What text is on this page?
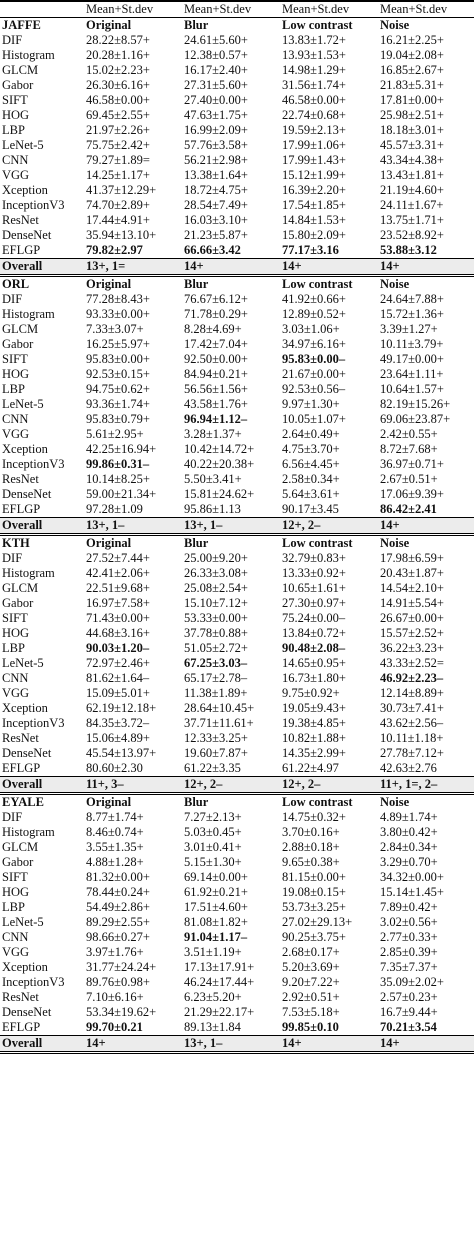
	Mean+St.dev	Mean+St.dev	Mean+St.dev	Mean+St.dev
JAFFE	Original	Blur	Low contrast	Noise
DIF	28.22±8.57+	24.61±5.60+	13.83±1.72+	16.21±2.25+
Histogram	20.28±1.16+	12.38±0.57+	13.93±1.53+	19.04±2.08+
GLCM	15.02±2.23+	16.17±2.40+	14.98±1.29+	16.85±2.67+
Gabor	26.30±6.16+	27.31±5.60+	31.56±1.74+	21.83±5.31+
SIFT	46.58±0.00+	27.40±0.00+	46.58±0.00+	17.81±0.00+
HOG	69.45±2.55+	47.63±1.75+	22.74±0.68+	25.98±2.51+
LBP	21.97±2.26+	16.99±2.09+	19.59±2.13+	18.18±3.01+
LeNet-5	75.75±2.42+	57.76±3.58+	17.99±1.06+	45.57±3.31+
CNN	79.27±1.89=	56.21±2.98+	17.99±1.43+	43.34±4.38+
VGG	14.25±1.17+	13.38±1.64+	15.12±1.99+	13.43±1.81+
Xception	41.37±12.29+	18.72±4.75+	16.39±2.20+	21.19±4.60+
InceptionV3	74.70±2.89+	28.54±7.49+	17.54±1.85+	24.11±1.67+
ResNet	17.44±4.91+	16.03±3.10+	14.84±1.53+	13.75±1.71+
DenseNet	35.94±13.10+	21.23±5.87+	15.80±2.09+	23.52±8.92+
EFLGP	79.82±2.97	66.66±3.42	77.17±3.16	53.88±3.12
Overall	13+, 1=	14+	14+	14+
ORL	Original	Blur	Low contrast	Noise
DIF	77.28±8.43+	76.67±6.12+	41.92±0.66+	24.64±7.88+
Histogram	93.33±0.00+	71.78±0.29+	12.89±0.52+	15.72±1.36+
GLCM	7.33±3.07+	8.28±4.69+	3.03±1.06+	3.39±1.27+
Gabor	16.25±5.97+	17.42±7.04+	34.97±6.16+	10.11±3.79+
SIFT	95.83±0.00+	92.50±0.00+	95.83±0.00–	49.17±0.00+
HOG	92.53±0.15+	84.94±0.21+	21.67±0.00+	23.64±1.11+
LBP	94.75±0.62+	56.56±1.56+	92.53±0.56–	10.64±1.57+
LeNet-5	93.36±1.74+	43.58±1.76+	9.97±1.30+	82.19±15.26+
CNN	95.83±0.79+	96.94±1.12–	10.05±1.07+	69.06±23.87+
VGG	5.61±2.95+	3.28±1.37+	2.64±0.49+	2.42±0.55+
Xception	42.25±16.94+	10.42±14.72+	4.75±3.70+	8.72±7.68+
InceptionV3	99.86±0.31–	40.22±20.38+	6.56±4.45+	36.97±0.71+
ResNet	10.14±8.25+	5.50±3.41+	2.58±0.34+	2.67±0.51+
DenseNet	59.00±21.34+	15.81±24.62+	5.64±3.61+	17.06±9.39+
EFLGP	97.28±1.09	95.86±1.13	90.17±3.45	86.42±2.41
Overall	13+, 1–	13+, 1–	12+, 2–	14+
KTH	Original	Blur	Low contrast	Noise
DIF	27.52±7.44+	25.00±9.20+	32.79±0.83+	17.98±6.59+
Histogram	42.41±2.06+	26.33±3.08+	13.33±0.92+	20.43±1.87+
GLCM	22.51±9.68+	25.08±2.54+	10.65±1.61+	14.54±2.10+
Gabor	16.97±7.58+	15.10±7.12+	27.30±0.97+	14.91±5.54+
SIFT	71.43±0.00+	53.33±0.00+	75.24±0.00–	26.67±0.00+
HOG	44.68±3.16+	37.78±0.88+	13.84±0.72+	15.57±2.52+
LBP	90.03±1.20–	51.05±2.72+	90.48±2.08–	36.22±3.23+
LeNet-5	72.97±2.46+	67.25±3.03–	14.65±0.95+	43.33±2.52=
CNN	81.62±1.64–	65.17±2.78–	16.73±1.80+	46.92±2.23–
VGG	15.09±5.01+	11.38±1.89+	9.75±0.92+	12.14±8.89+
Xception	62.19±12.18+	28.64±10.45+	19.05±9.43+	30.73±7.41+
InceptionV3	84.35±3.72–	37.71±11.61+	19.38±4.85+	43.62±2.56–
ResNet	15.06±4.89+	12.33±3.25+	10.82±1.88+	10.11±1.18+
DenseNet	45.54±13.97+	19.60±7.87+	14.35±2.99+	27.78±7.12+
EFLGP	80.60±2.30	61.22±3.35	61.22±4.97	42.63±2.76
Overall	11+, 3–	12+, 2–	12+, 2–	11+, 1=, 2–
EYALE	Original	Blur	Low contrast	Noise
DIF	8.77±1.74+	7.27±2.13+	14.75±0.32+	4.89±1.74+
Histogram	8.46±0.74+	5.03±0.45+	3.70±0.16+	3.80±0.42+
GLCM	3.55±1.35+	3.01±0.41+	2.88±0.18+	2.84±0.34+
Gabor	4.88±1.28+	5.15±1.30+	9.65±0.38+	3.29±0.70+
SIFT	81.32±0.00+	69.14±0.00+	81.15±0.00+	34.32±0.00+
HOG	78.44±0.24+	61.92±0.21+	19.08±0.15+	15.14±1.45+
LBP	54.49±2.86+	17.51±4.60+	53.73±3.25+	7.89±0.42+
LeNet-5	89.29±2.55+	81.08±1.82+	27.02±29.13+	3.02±0.56+
CNN	98.66±0.27+	91.04±1.17–	90.25±3.75+	2.77±0.33+
VGG	3.97±1.76+	3.51±1.19+	2.68±0.17+	2.85±0.39+
Xception	31.77±24.24+	17.13±17.91+	5.20±3.69+	7.35±7.37+
InceptionV3	89.76±0.98+	46.24±17.44+	9.20±7.22+	35.09±2.02+
ResNet	7.10±6.16+	6.23±5.20+	2.92±0.51+	2.57±0.23+
DenseNet	53.34±19.62+	21.29±22.17+	7.53±5.18+	16.7±9.44+
EFLGP	99.70±0.21	89.13±1.84	99.85±0.10	70.21±3.54
Overall	14+	13+, 1–	14+	14+
